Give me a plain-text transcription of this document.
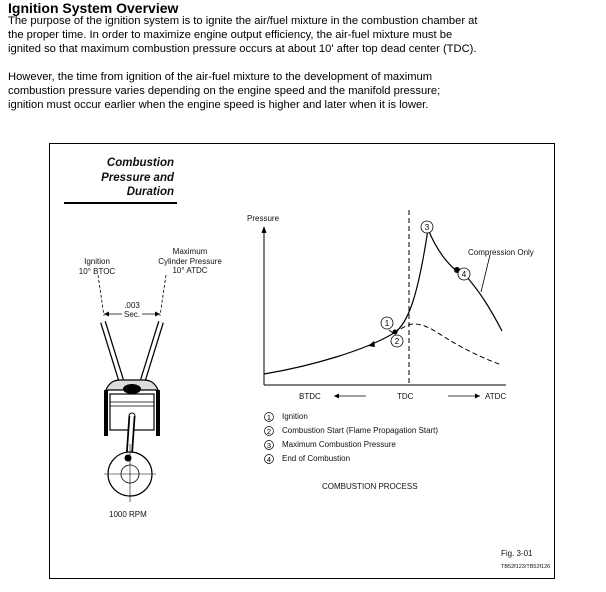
Ignition System Overview
The purpose of the ignition system is to ignite the air/fuel mixture in the combustion chamber at
the proper time. In order to maximize engine output efficiency, the air-fuel mixture must be
ignited so that maximum combustion pressure occurs at about 10' after top dead center (TDC).
However, the time from ignition of the air-fuel mixture to the development of maximum
combustion pressure varies depending on the engine speed and the manifold pressure;
ignition must occur earlier when the engine speed is higher and later when it is lower.
1
2
3
4
1
2
3
4
Combustion
Pressure and
Duration
Ignition
10° BTOC
Maximum
Cylinder Pressure
10° ATDC
.003
Sec.
1000 RPM
Pressure
Compression Only
BTDC	TDC	ATDC
Ignition
Combustion Start (Flame Propagation Start)
Maximum Combustion Pressure
End of Combustion
COMBUSTION PROCESS
Fig. 3-01
TB52f123/TB52f126
